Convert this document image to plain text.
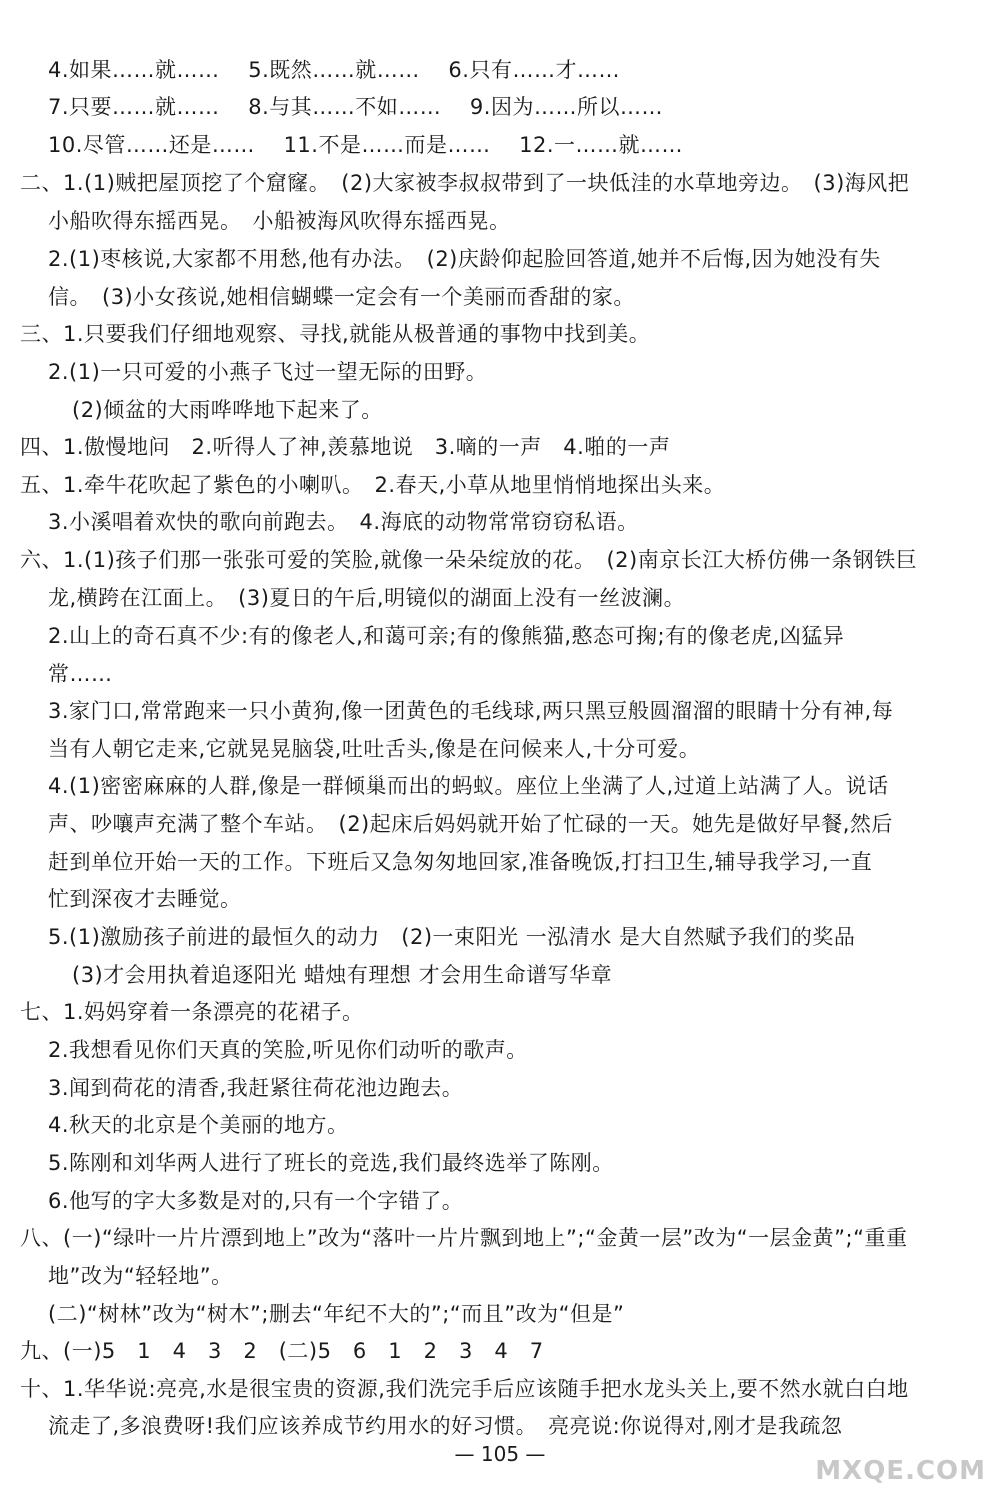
4.如果……就……　 5.既然……就……　 6.只有……才……
7.只要……就……　 8.与其……不如……　 9.因为……所以……
10.尽管……还是……　 11.不是……而是……　 12.一……就……
二、1.(1)贼把屋顶挖了个窟窿。　(2)大家被李叔叔带到了一块低洼的水草地旁边。　(3)海风把
小船吹得东摇西晃。　小船被海风吹得东摇西晃。
2.(1)枣核说,大家都不用愁,他有办法。　(2)庆龄仰起脸回答道,她并不后悔,因为她没有失
信。　(3)小女孩说,她相信蝴蝶一定会有一个美丽而香甜的家。
三、1.只要我们仔细地观察、寻找,就能从极普通的事物中找到美。
2.(1)一只可爱的小燕子飞过一望无际的田野。
(2)倾盆的大雨哗哗地下起来了。
四、1.傲慢地问　2.听得人了神,羡慕地说　3.嘀的一声　4.啪的一声
五、1.牵牛花吹起了紫色的小喇叭。　2.春天,小草从地里悄悄地探出头来。
3.小溪唱着欢快的歌向前跑去。　4.海底的动物常常窃窃私语。
六、1.(1)孩子们那一张张可爱的笑脸,就像一朵朵绽放的花。　(2)南京长江大桥仿佛一条钢铁巨
龙,横跨在江面上。　(3)夏日的午后,明镜似的湖面上没有一丝波澜。
2.山上的奇石真不少:有的像老人,和蔼可亲;有的像熊猫,憨态可掬;有的像老虎,凶猛异
常……
3.家门口,常常跑来一只小黄狗,像一团黄色的毛线球,两只黑豆般圆溜溜的眼睛十分有神,每
当有人朝它走来,它就晃晃脑袋,吐吐舌头,像是在问候来人,十分可爱。
4.(1)密密麻麻的人群,像是一群倾巢而出的蚂蚁。座位上坐满了人,过道上站满了人。说话
声、吵嚷声充满了整个车站。　(2)起床后妈妈就开始了忙碌的一天。她先是做好早餐,然后
赶到单位开始一天的工作。下班后又急匆匆地回家,准备晚饭,打扫卫生,辅导我学习,一直
忙到深夜才去睡觉。
5.(1)激励孩子前进的最恒久的动力　(2)一束阳光 一泓清水 是大自然赋予我们的奖品
(3)才会用执着追逐阳光 蜡烛有理想 才会用生命谱写华章
七、1.妈妈穿着一条漂亮的花裙子。
2.我想看见你们天真的笑脸,听见你们动听的歌声。
3.闻到荷花的清香,我赶紧往荷花池边跑去。
4.秋天的北京是个美丽的地方。
5.陈刚和刘华两人进行了班长的竞选,我们最终选举了陈刚。
6.他写的字大多数是对的,只有一个字错了。
八、(一)“绿叶一片片漂到地上”改为“落叶一片片飘到地上”;“金黄一层”改为“一层金黄”;“重重
地”改为“轻轻地”。
(二)“树林”改为“树木”;删去“年纪不大的”;“而且”改为“但是”
九、(一)5　1　4　3　2　(二)5　6　1　2　3　4　7
十、1.华华说:亮亮,水是很宝贵的资源,我们洗完手后应该随手把水龙头关上,要不然水就白白地
流走了,多浪费呀!我们应该养成节约用水的好习惯。　亮亮说:你说得对,刚才是我疏忽
— 105 —
MXQE.COM
